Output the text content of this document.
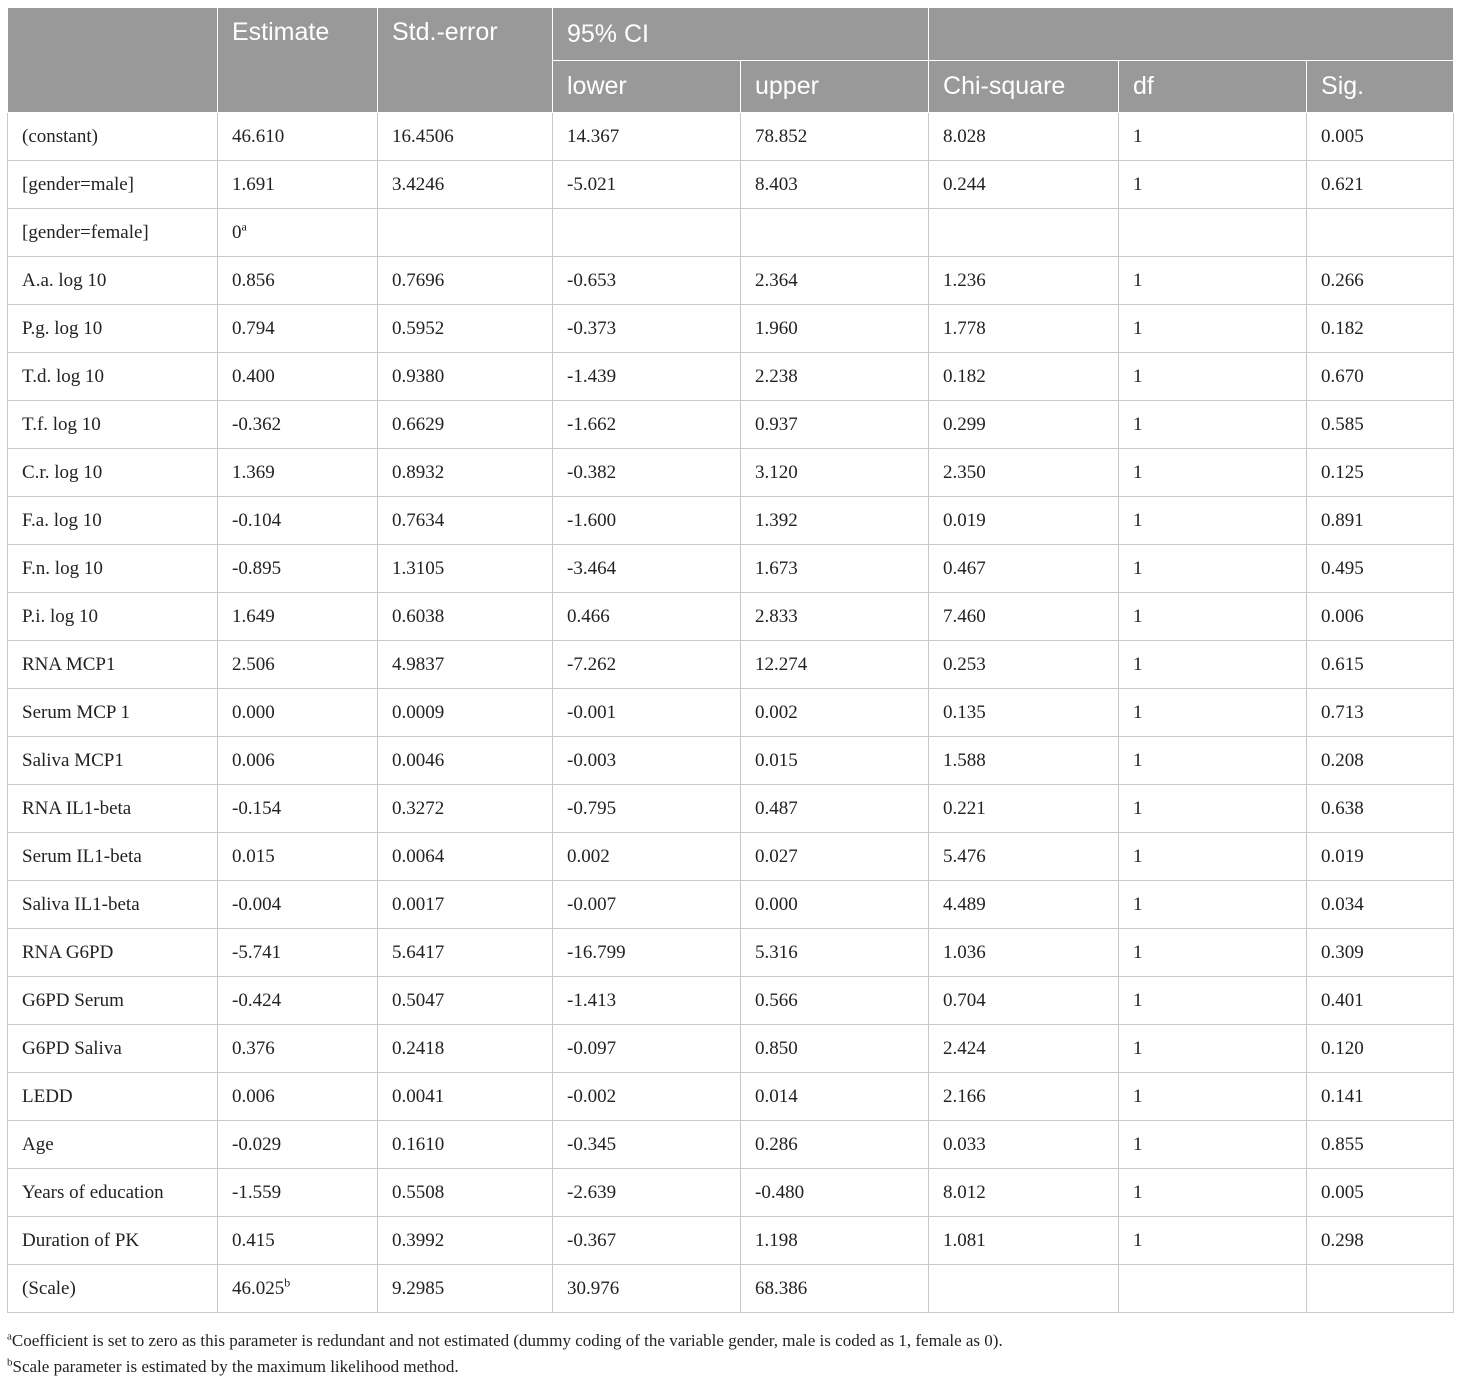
	Estimate	Std.-error	95% CI				
			lower	upper	Chi-square	df	Sig.
(constant)	46.610	16.4506	14.367	78.852	8.028	1	0.005
[gender=male]	1.691	3.4246	-5.021	8.403	0.244	1	0.621
[gender=female]	0$^a$						
A.a. log 10	0.856	0.7696	-0.653	2.364	1.236	1	0.266
P.g. log 10	0.794	0.5952	-0.373	1.960	1.778	1	0.182
T.d. log 10	0.400	0.9380	-1.439	2.238	0.182	1	0.670
T.f. log 10	-0.362	0.6629	-1.662	0.937	0.299	1	0.585
C.r. log 10	1.369	0.8932	-0.382	3.120	2.350	1	0.125
F.a. log 10	-0.104	0.7634	-1.600	1.392	0.019	1	0.891
F.n. log 10	-0.895	1.3105	-3.464	1.673	0.467	1	0.495
P.i. log 10	1.649	0.6038	0.466	2.833	7.460	1	0.006
RNA MCP1	2.506	4.9837	-7.262	12.274	0.253	1	0.615
Serum MCP 1	0.000	0.0009	-0.001	0.002	0.135	1	0.713
Saliva MCP1	0.006	0.0046	-0.003	0.015	1.588	1	0.208
RNA IL1-beta	-0.154	0.3272	-0.795	0.487	0.221	1	0.638
Serum IL1-beta	0.015	0.0064	0.002	0.027	5.476	1	0.019
Saliva IL1-beta	-0.004	0.0017	-0.007	0.000	4.489	1	0.034
RNA G6PD	-5.741	5.6417	-16.799	5.316	1.036	1	0.309
G6PD Serum	-0.424	0.5047	-1.413	0.566	0.704	1	0.401
G6PD Saliva	0.376	0.2418	-0.097	0.850	2.424	1	0.120
LEDD	0.006	0.0041	-0.002	0.014	2.166	1	0.141
Age	-0.029	0.1610	-0.345	0.286	0.033	1	0.855
Years of education	-1.559	0.5508	-2.639	-0.480	8.012	1	0.005
Duration of PK	0.415	0.3992	-0.367	1.198	1.081	1	0.298
(Scale)	46.025$^b$	9.2985	30.976	68.386			

$^a$Coefficient is set to zero as this parameter is redundant and not estimated (dummy coding of the variable gender, male is coded as 1, female as 0).

$^b$Scale parameter is estimated by the maximum likelihood method.
